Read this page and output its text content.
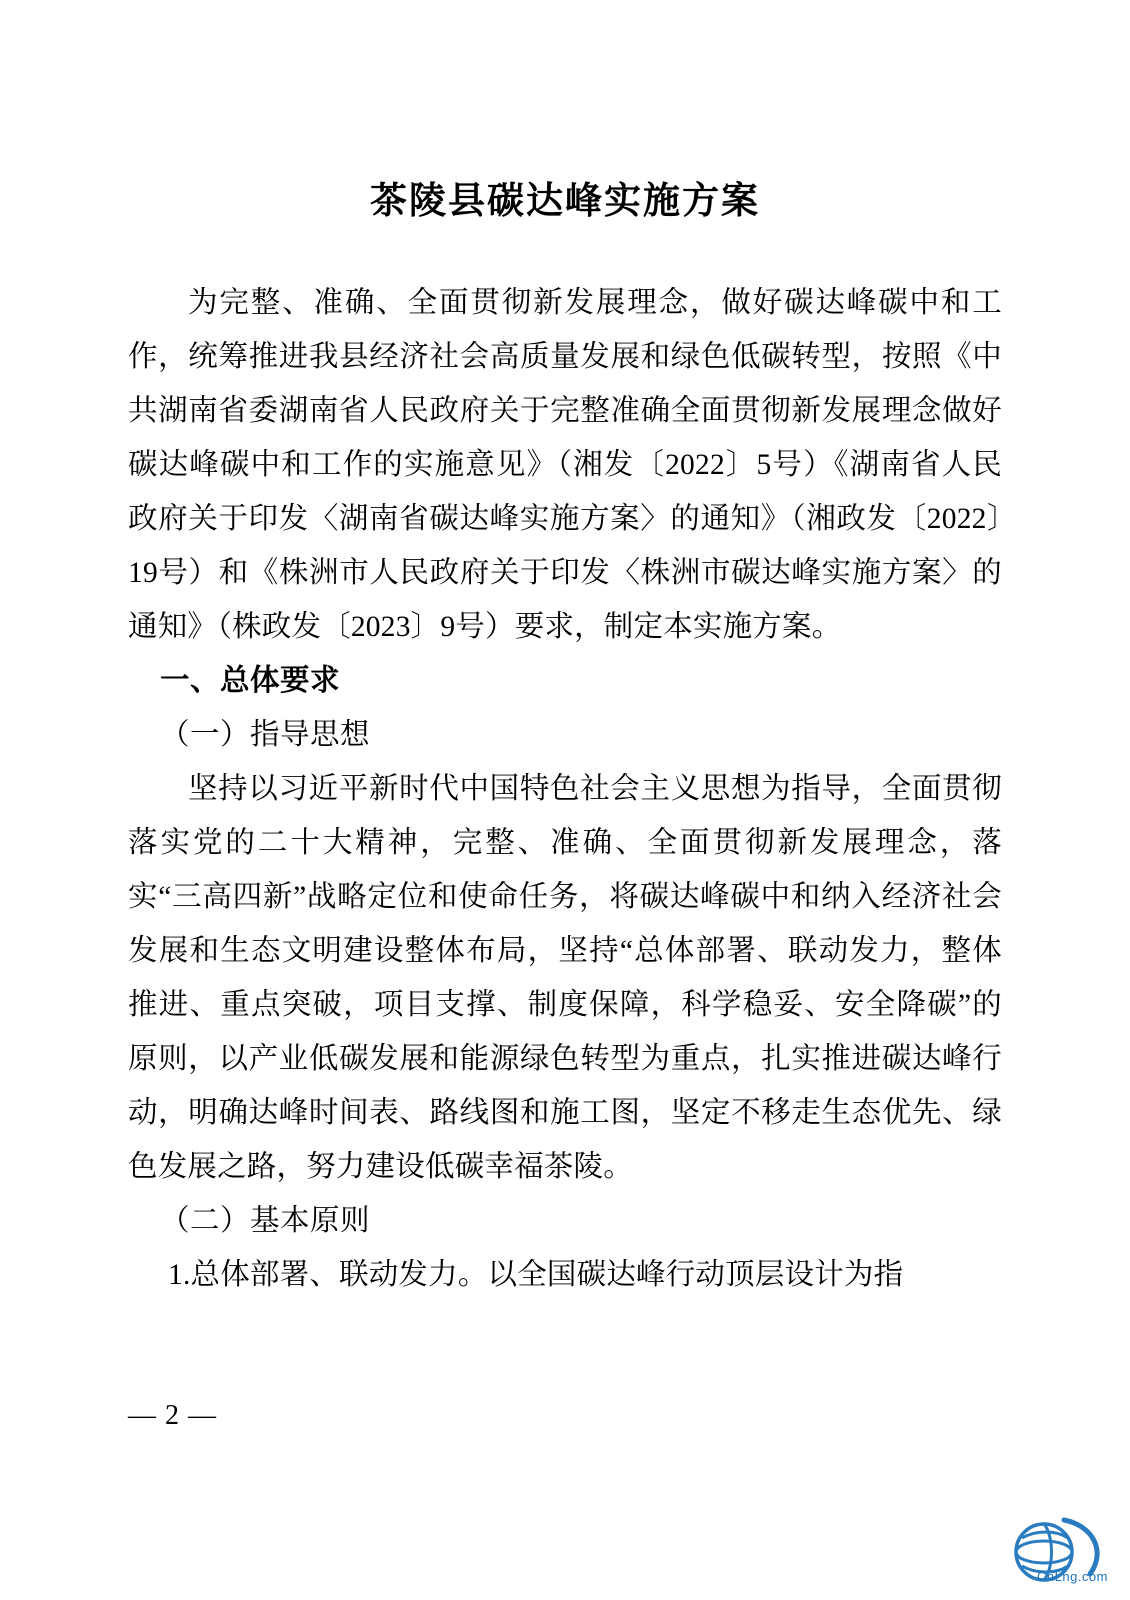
茶陵县碳达峰实施方案

为完整、准确、全面贯彻新发展理念，做好碳达峰碳中和工作，统筹推进我县经济社会高质量发展和绿色低碳转型，按照《中共湖南省委湖南省人民政府关于完整准确全面贯彻新发展理念做好碳达峰碳中和工作的实施意见》（湘发〔2022〕5号）《湖南省人民政府关于印发〈湖南省碳达峰实施方案〉的通知》（湘政发〔2022〕19号）和《株洲市人民政府关于印发〈株洲市碳达峰实施方案〉的通知》（株政发〔2023〕9号）要求，制定本实施方案。

一、总体要求

（一）指导思想

坚持以习近平新时代中国特色社会主义思想为指导，全面贯彻落实党的二十大精神，完整、准确、全面贯彻新发展理念，落实“三高四新”战略定位和使命任务，将碳达峰碳中和纳入经济社会发展和生态文明建设整体布局，坚持“总体部署、联动发力，整体推进、重点突破，项目支撑、制度保障，科学稳妥、安全降碳”的原则，以产业低碳发展和能源绿色转型为重点，扎实推进碳达峰行动，明确达峰时间表、路线图和施工图，坚定不移走生态优先、绿色发展之路，努力建设低碳幸福茶陵。

（二）基本原则

1.总体部署、联动发力。以全国碳达峰行动顶层设计为指

— 2 —
CnLng.com
